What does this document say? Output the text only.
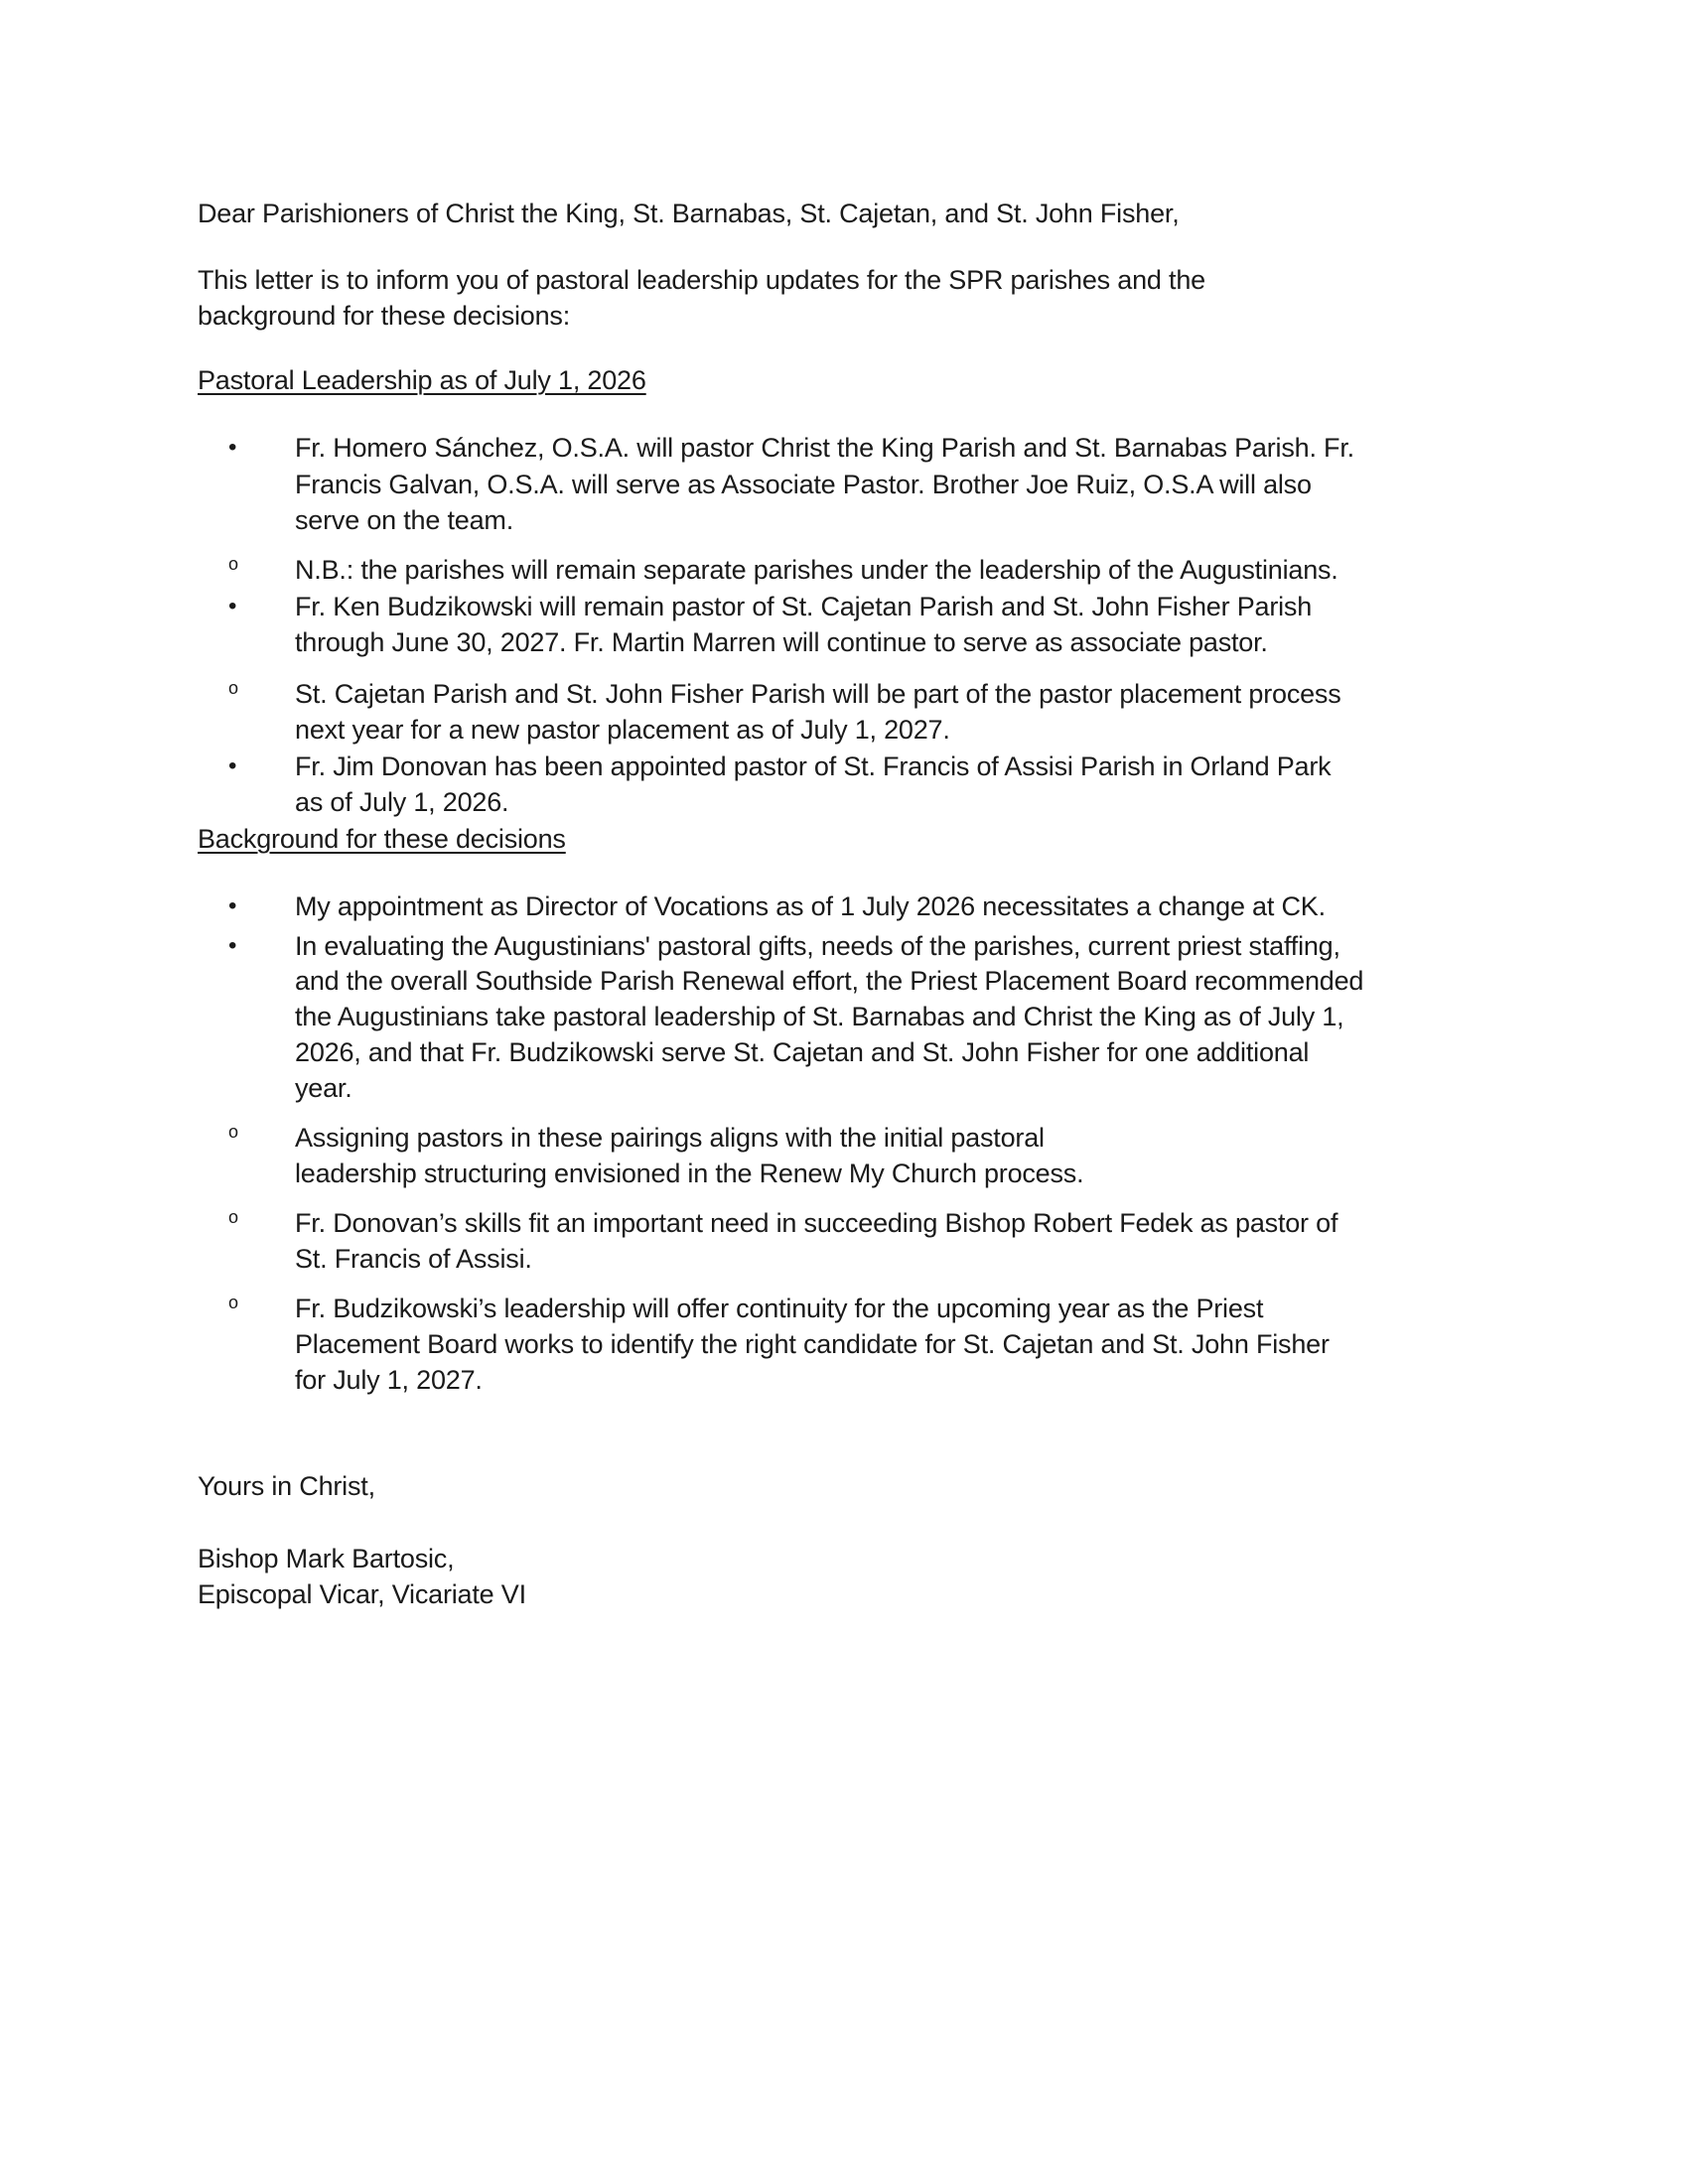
Dear Parishioners of Christ the King, St. Barnabas, St. Cajetan, and St. John Fisher,
This letter is to inform you of pastoral leadership updates for the SPR parishes and the
background for these decisions:
Pastoral Leadership as of July 1, 2026
• Fr. Homero Sánchez, O.S.A. will pastor Christ the King Parish and St. Barnabas Parish. Fr.
Francis Galvan, O.S.A. will serve as Associate Pastor. Brother Joe Ruiz, O.S.A will also
serve on the team.
o N.B.: the parishes will remain separate parishes under the leadership of the Augustinians.
• Fr. Ken Budzikowski will remain pastor of St. Cajetan Parish and St. John Fisher Parish
through June 30, 2027. Fr. Martin Marren will continue to serve as associate pastor.
o St. Cajetan Parish and St. John Fisher Parish will be part of the pastor placement process
next year for a new pastor placement as of July 1, 2027.
• Fr. Jim Donovan has been appointed pastor of St. Francis of Assisi Parish in Orland Park
as of July 1, 2026.
Background for these decisions
• My appointment as Director of Vocations as of 1 July 2026 necessitates a change at CK.
• In evaluating the Augustinians' pastoral gifts, needs of the parishes, current priest staffing,
and the overall Southside Parish Renewal effort, the Priest Placement Board recommended
the Augustinians take pastoral leadership of St. Barnabas and Christ the King as of July 1,
2026, and that Fr. Budzikowski serve St. Cajetan and St. John Fisher for one additional
year.
o Assigning pastors in these pairings aligns with the initial pastoral
leadership structuring envisioned in the Renew My Church process.
o Fr. Donovan’s skills fit an important need in succeeding Bishop Robert Fedek as pastor of
St. Francis of Assisi.
o Fr. Budzikowski’s leadership will offer continuity for the upcoming year as the Priest
Placement Board works to identify the right candidate for St. Cajetan and St. John Fisher
for July 1, 2027.
Yours in Christ,
Bishop Mark Bartosic,
Episcopal Vicar, Vicariate VI
